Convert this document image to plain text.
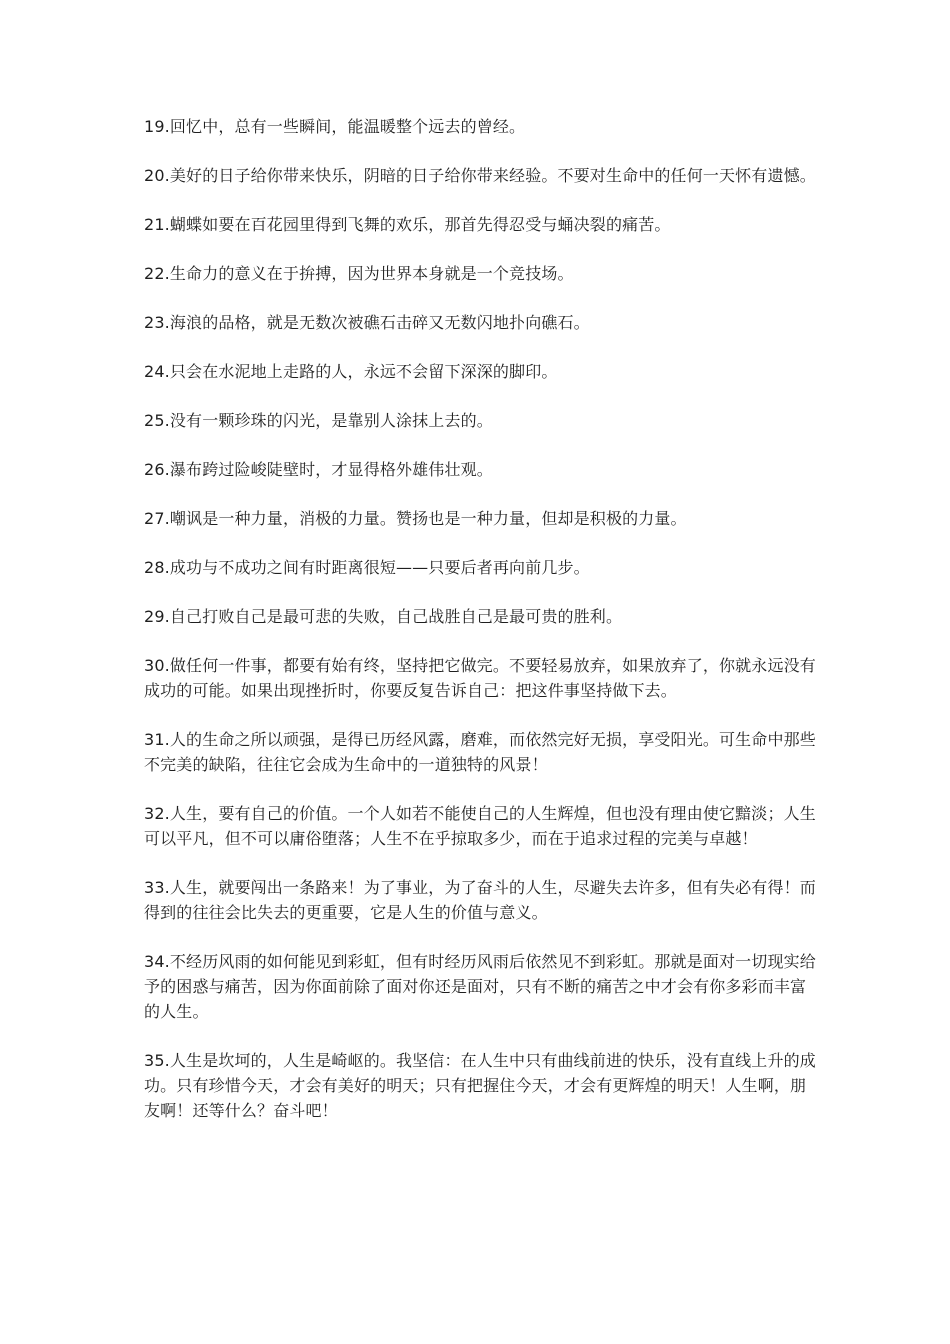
19.回忆中，总有一些瞬间，能温暖整个远去的曾经。

20.美好的日子给你带来快乐，阴暗的日子给你带来经验。不要对生命中的任何一天怀有遗憾。

21.蝴蝶如要在百花园里得到飞舞的欢乐，那首先得忍受与蛹决裂的痛苦。

22.生命力的意义在于拚搏，因为世界本身就是一个竞技场。

23.海浪的品格，就是无数次被礁石击碎又无数闪地扑向礁石。

24.只会在水泥地上走路的人，永远不会留下深深的脚印。

25.没有一颗珍珠的闪光，是靠别人涂抹上去的。

26.瀑布跨过险峻陡壁时，才显得格外雄伟壮观。

27.嘲讽是一种力量，消极的力量。赞扬也是一种力量，但却是积极的力量。

28.成功与不成功之间有时距离很短——只要后者再向前几步。

29.自己打败自己是最可悲的失败，自己战胜自己是最可贵的胜利。

30.做任何一件事，都要有始有终，坚持把它做完。不要轻易放弃，如果放弃了，你就永远没有成功的可能。如果出现挫折时，你要反复告诉自己：把这件事坚持做下去。

31.人的生命之所以顽强，是得已历经风露，磨难，而依然完好无损，享受阳光。可生命中那些不完美的缺陷，往往它会成为生命中的一道独特的风景！

32.人生，要有自己的价值。一个人如若不能使自己的人生辉煌，但也没有理由使它黯淡；人生可以平凡，但不可以庸俗堕落；人生不在乎掠取多少，而在于追求过程的完美与卓越！

33.人生，就要闯出一条路来！为了事业，为了奋斗的人生，尽避失去许多，但有失必有得！而得到的往往会比失去的更重要，它是人生的价值与意义。

34.不经历风雨的如何能见到彩虹，但有时经历风雨后依然见不到彩虹。那就是面对一切现实给予的困惑与痛苦，因为你面前除了面对你还是面对，只有不断的痛苦之中才会有你多彩而丰富的人生。

35.人生是坎坷的，人生是崎岖的。我坚信：在人生中只有曲线前进的快乐，没有直线上升的成功。只有珍惜今天，才会有美好的明天；只有把握住今天，才会有更辉煌的明天！人生啊，朋友啊！还等什么？奋斗吧！
